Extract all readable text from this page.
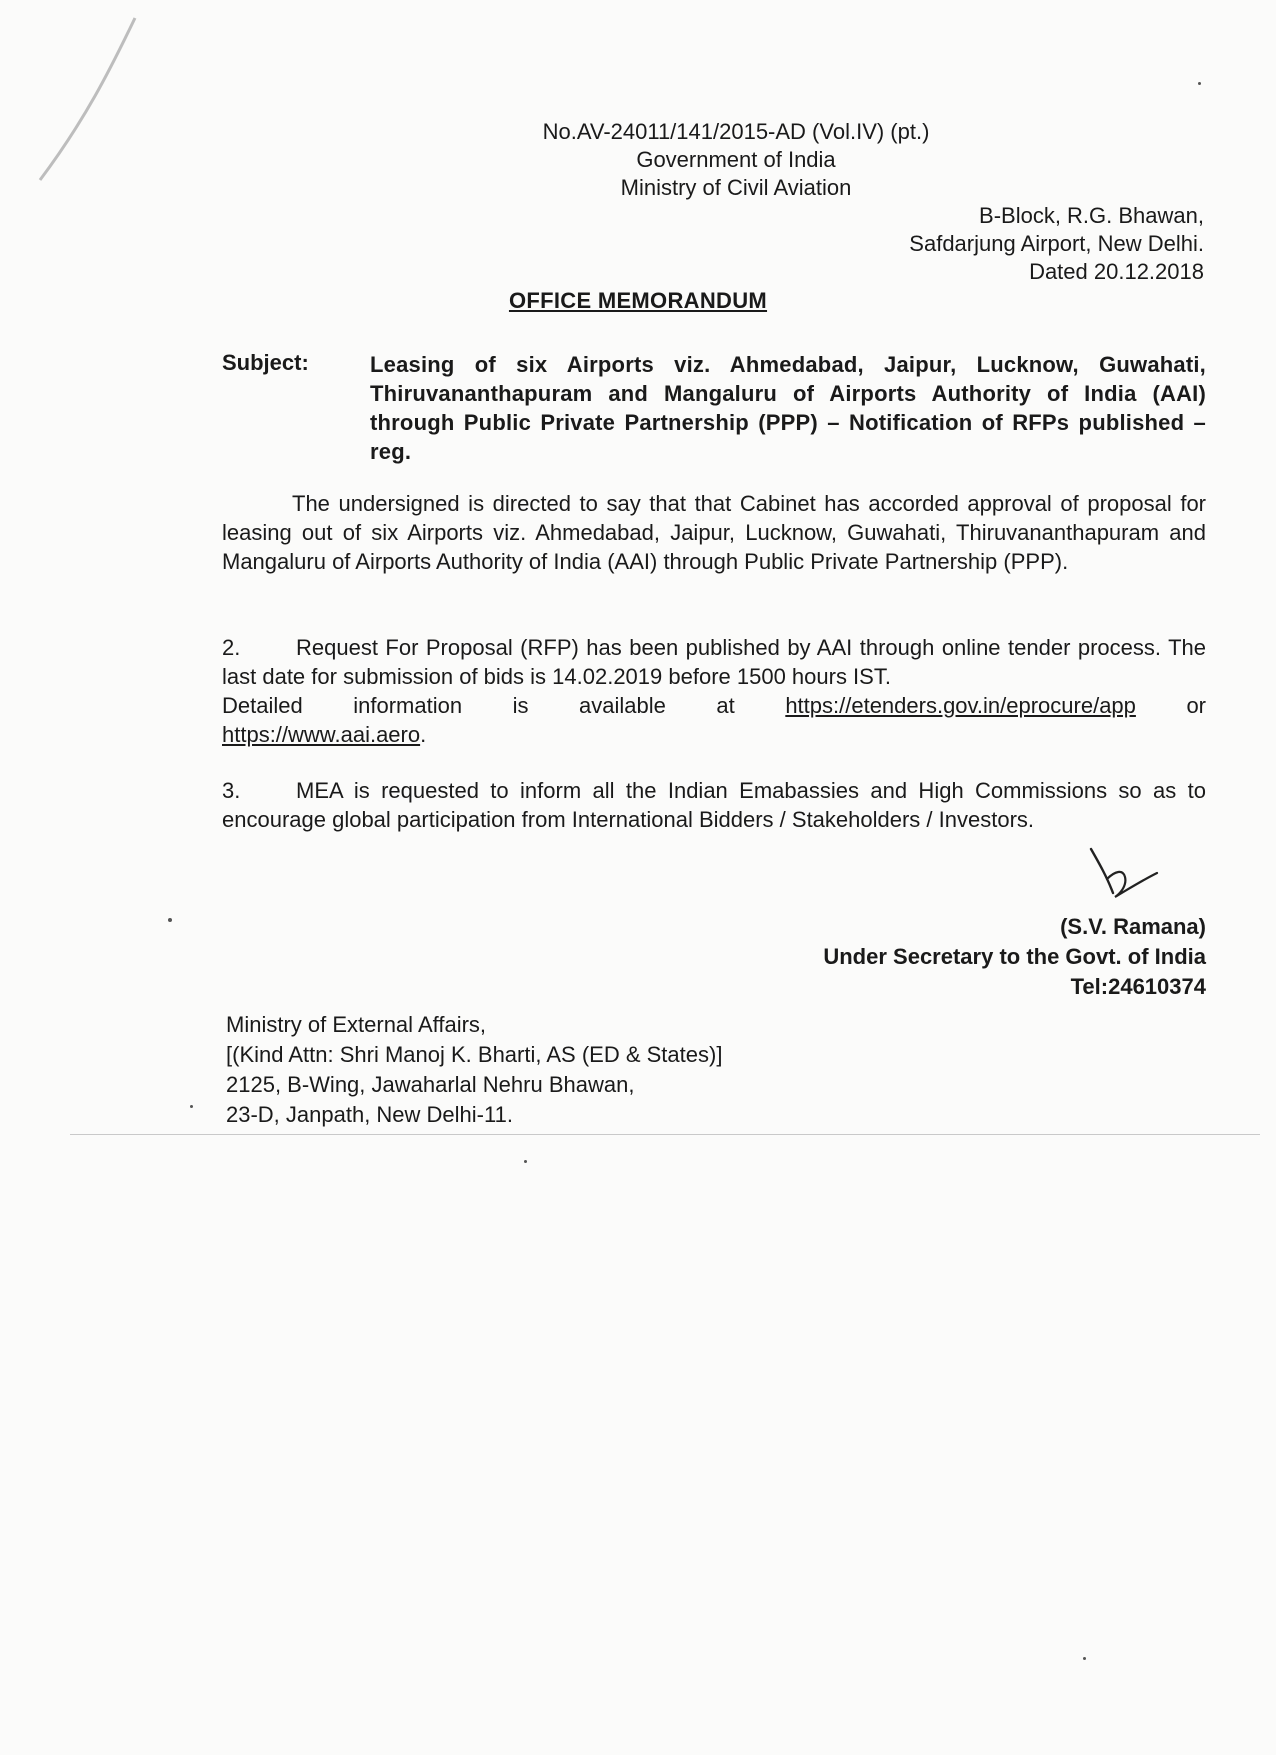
No.AV-24011/141/2015-AD (Vol.IV) (pt.)
Government of India
Ministry of Civil Aviation
B-Block, R.G. Bhawan,
Safdarjung Airport, New Delhi.
Dated 20.12.2018
OFFICE MEMORANDUM
Subject:	Leasing of six Airports viz. Ahmedabad, Jaipur, Lucknow, Guwahati, Thiruvananthapuram and Mangaluru of Airports Authority of India (AAI) through Public Private Partnership (PPP) – Notification of RFPs published – reg.
The undersigned is directed to say that that Cabinet has accorded approval of proposal for leasing out of six Airports viz. Ahmedabad, Jaipur, Lucknow, Guwahati, Thiruvananthapuram and Mangaluru of Airports Authority of India (AAI) through Public Private Partnership (PPP).
2.	Request For Proposal (RFP) has been published by AAI through online tender process. The last date for submission of bids is 14.02.2019 before 1500 hours IST.
Detailed information is available at https://etenders.gov.in/eprocure/app or
https://www.aai.aero.
3.	MEA is requested to inform all the Indian Emabassies and High Commissions so as to encourage global participation from International Bidders / Stakeholders / Investors.
(S.V. Ramana)
Under Secretary to the Govt. of India
Tel:24610374
Ministry of External Affairs,
[(Kind Attn: Shri Manoj K. Bharti, AS (ED & States)]
2125, B-Wing, Jawaharlal Nehru Bhawan,
23-D, Janpath, New Delhi-11.
